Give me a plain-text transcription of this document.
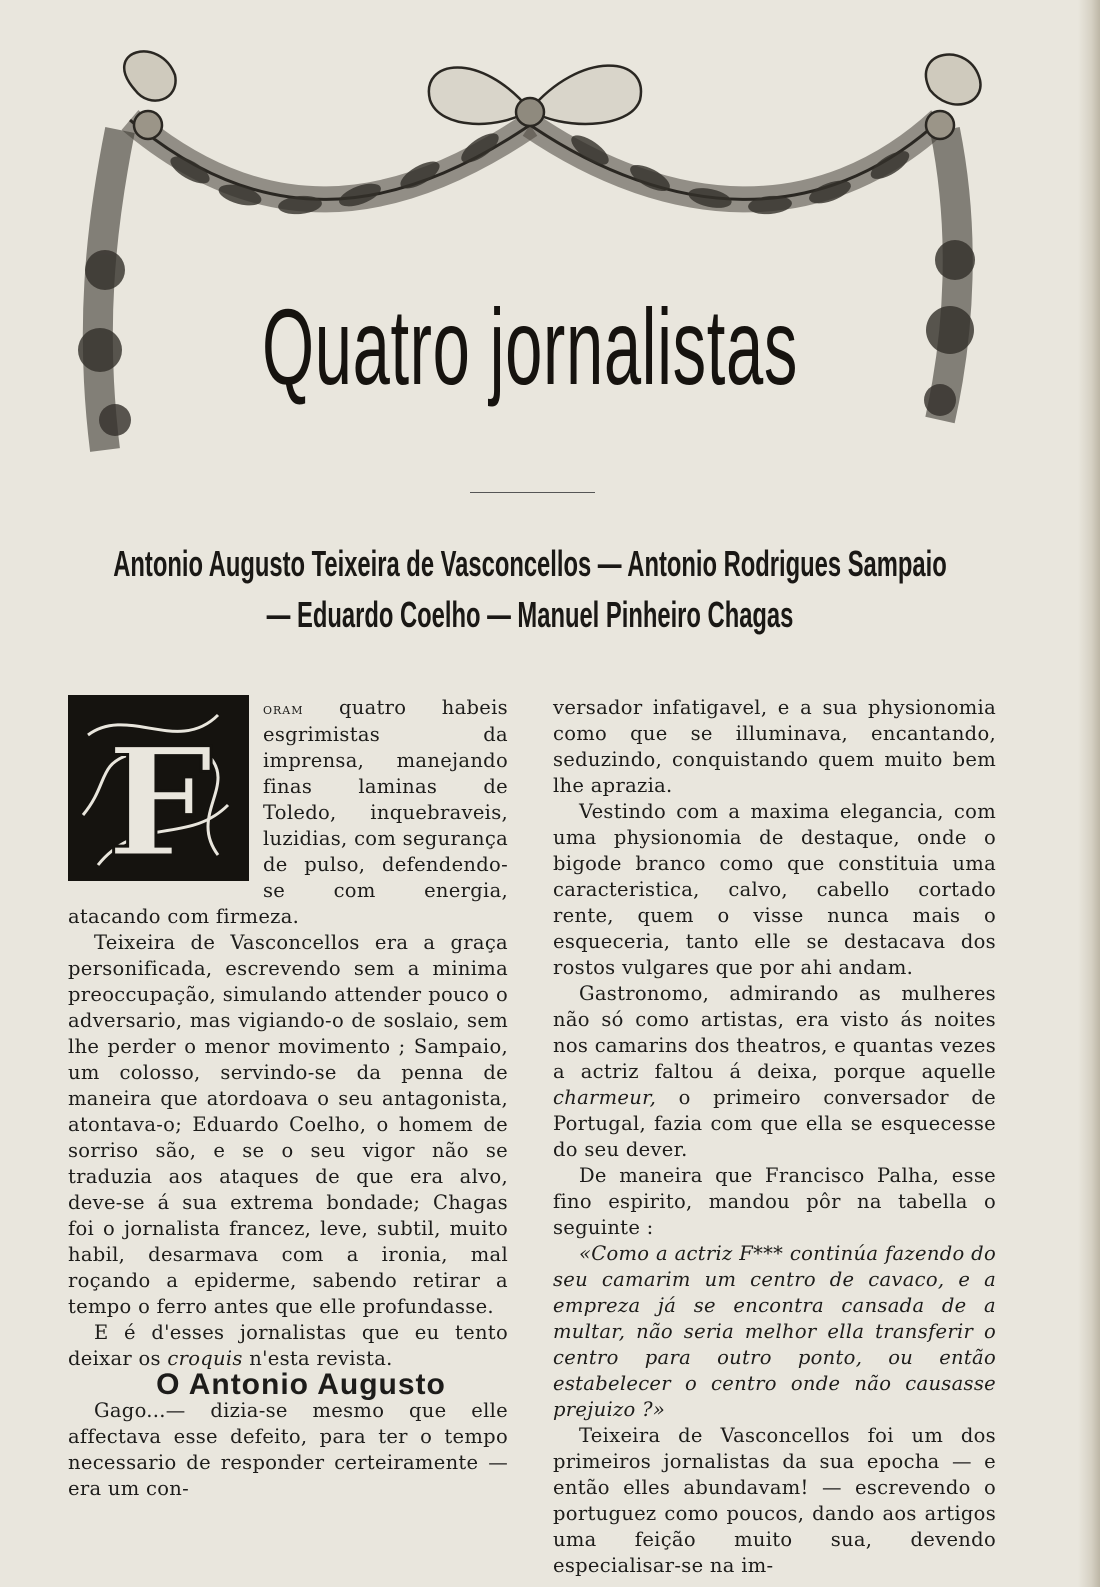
Quatro jornalistas
Antonio Augusto Teixeira de Vasconcellos — Antonio Rodrigues Sampaio
— Eduardo Coelho — Manuel Pinheiro Chagas

F
oram quatro habeis esgrimistas da imprensa, manejando finas laminas de Toledo, inquebraveis, luzidias, com segurança de pulso, defendendo-se com energia, atacando com firmeza.

Teixeira de Vasconcellos era a graça personificada, escrevendo sem a minima preoccupação, simulando attender pouco o adversario, mas vigiando-o de soslaio, sem lhe perder o menor movimento ; Sampaio, um colosso, servindo-se da penna de maneira que atordoava o seu antagonista, atontava-o; Eduardo Coelho, o homem de sorriso são, e se o seu vigor não se traduzia aos ataques de que era alvo, deve-se á sua extrema bondade; Chagas foi o jornalista francez, leve, subtil, muito habil, desarmava com a ironia, mal roçando a epiderme, sabendo retirar a tempo o ferro antes que elle profundasse.

E é d'esses jornalistas que eu tento deixar os croquis n'esta revista.

O Antonio Augusto

Gago...— dizia-se mesmo que elle affectava esse defeito, para ter o tempo necessario de responder certeiramente — era um con-

versador infatigavel, e a sua physionomia como que se illuminava, encantando, seduzindo, conquistando quem muito bem lhe aprazia.

Vestindo com a maxima elegancia, com uma physionomia de destaque, onde o bigode branco como que constituia uma caracteristica, calvo, cabello cortado rente, quem o visse nunca mais o esqueceria, tanto elle se destacava dos rostos vulgares que por ahi andam.

Gastronomo, admirando as mulheres não só como artistas, era visto ás noites nos camarins dos theatros, e quantas vezes a actriz faltou á deixa, porque aquelle charmeur, o primeiro conversador de Portugal, fazia com que ella se esquecesse do seu dever.

De maneira que Francisco Palha, esse fino espirito, mandou pôr na tabella o seguinte :

«Como a actriz F*** continúa fazendo do seu camarim um centro de cavaco, e a empreza já se encontra cansada de a multar, não seria melhor ella transferir o centro para outro ponto, ou então estabelecer o centro onde não causasse prejuizo ?»

Teixeira de Vasconcellos foi um dos primeiros jornalistas da sua epocha — e então elles abundavam! — escrevendo o portuguez como poucos, dando aos artigos uma feição muito sua, devendo especialisar-se na im-
